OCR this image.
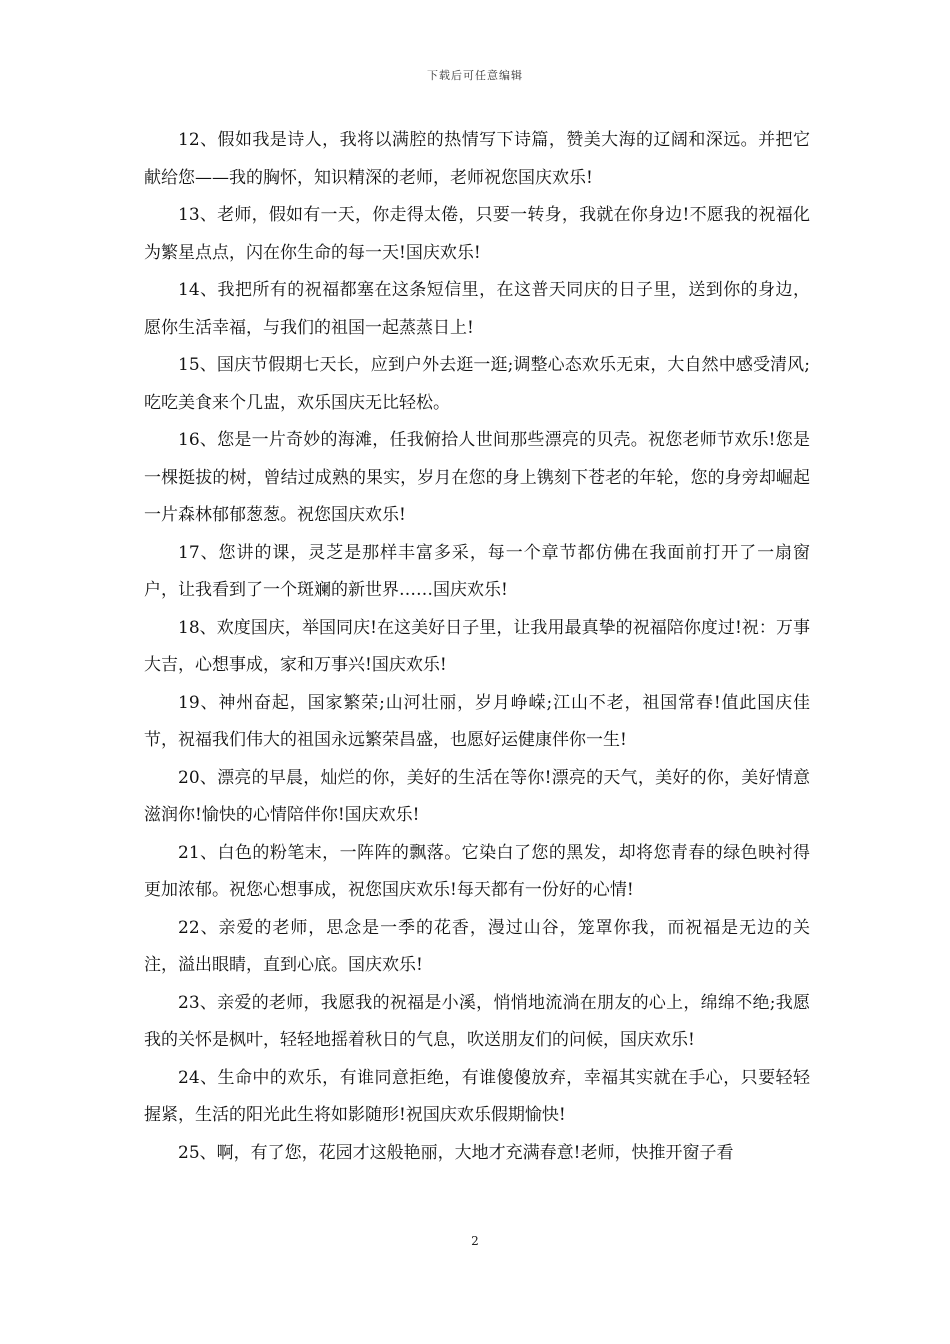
下载后可任意编辑

12、假如我是诗人，我将以满腔的热情写下诗篇，赞美大海的辽阔和深远。并把它献给您——我的胸怀，知识精深的老师，老师祝您国庆欢乐!

13、老师，假如有一天，你走得太倦，只要一转身，我就在你身边!不愿我的祝福化为繁星点点，闪在你生命的每一天!国庆欢乐!

14、我把所有的祝福都塞在这条短信里，在这普天同庆的日子里，送到你的身边，愿你生活幸福，与我们的祖国一起蒸蒸日上!

15、国庆节假期七天长，应到户外去逛一逛;调整心态欢乐无束，大自然中感受清风;吃吃美食来个几盅，欢乐国庆无比轻松。

16、您是一片奇妙的海滩，任我俯拾人世间那些漂亮的贝壳。祝您老师节欢乐!您是一棵挺拔的树，曾结过成熟的果实，岁月在您的身上镌刻下苍老的年轮，您的身旁却崛起一片森林郁郁葱葱。祝您国庆欢乐!

17、您讲的课，灵芝是那样丰富多采，每一个章节都仿佛在我面前打开了一扇窗户，让我看到了一个斑斓的新世界……国庆欢乐!

18、欢度国庆，举国同庆!在这美好日子里，让我用最真挚的祝福陪你度过!祝：万事大吉，心想事成，家和万事兴!国庆欢乐!

19、神州奋起，国家繁荣;山河壮丽，岁月峥嵘;江山不老，祖国常春!值此国庆佳节，祝福我们伟大的祖国永远繁荣昌盛，也愿好运健康伴你一生!

20、漂亮的早晨，灿烂的你，美好的生活在等你!漂亮的天气，美好的你，美好情意滋润你!愉快的心情陪伴你!国庆欢乐!

21、白色的粉笔末，一阵阵的飘落。它染白了您的黑发，却将您青春的绿色映衬得更加浓郁。祝您心想事成，祝您国庆欢乐!每天都有一份好的心情!

22、亲爱的老师，思念是一季的花香，漫过山谷，笼罩你我，而祝福是无边的关注，溢出眼睛，直到心底。国庆欢乐!

23、亲爱的老师，我愿我的祝福是小溪，悄悄地流淌在朋友的心上，绵绵不绝;我愿我的关怀是枫叶，轻轻地摇着秋日的气息，吹送朋友们的问候，国庆欢乐!

24、生命中的欢乐，有谁同意拒绝，有谁傻傻放弃，幸福其实就在手心，只要轻轻握紧，生活的阳光此生将如影随形!祝国庆欢乐假期愉快!

25、啊，有了您，花园才这般艳丽，大地才充满春意!老师，快推开窗子看

2
